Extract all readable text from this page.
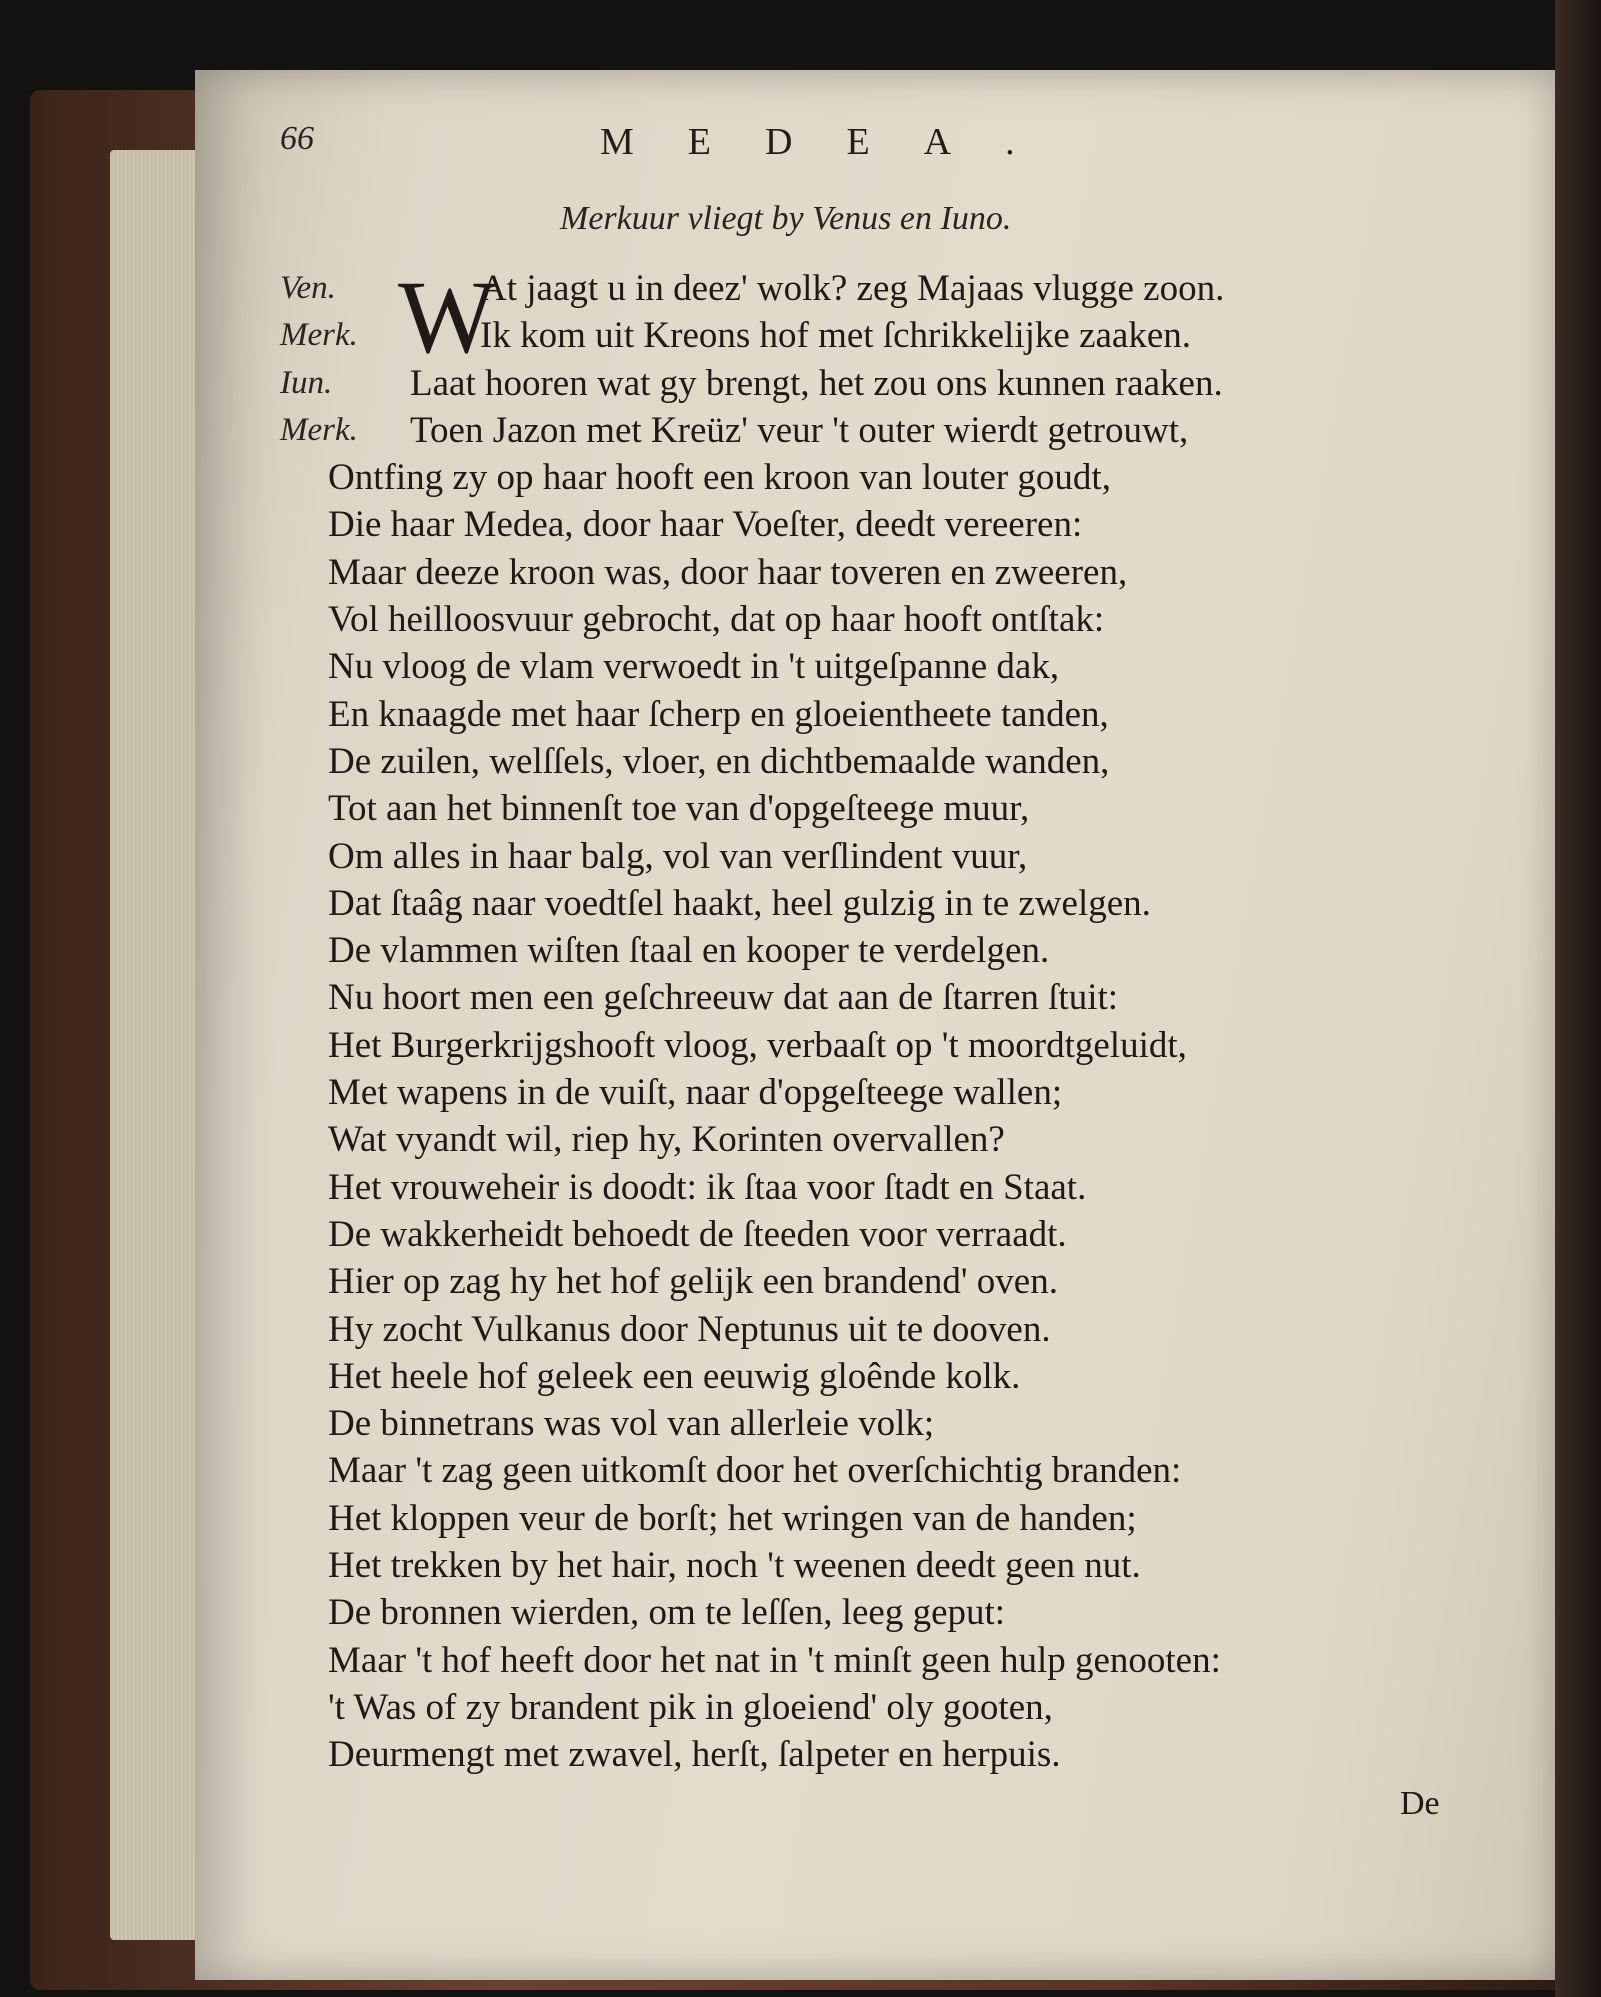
66	MEDEA.
Merkuur vliegt by Venus en Iuno.
Ven. W
At jaagt u in deez' wolk? zeg Majaas vlugge zoon.
Merk.	Ik kom uit Kreons hof met ſchrikkelijke zaaken.
Iun. Laat hooren wat gy brengt, het zou ons kunnen raaken.
Merk. Toen Jazon met Kreüz' veur 't outer wierdt getrouwt,
Ontfing zy op haar hooft een kroon van louter goudt,
Die haar Medea, door haar Voeſter, deedt vereeren:
Maar deeze kroon was, door haar toveren en zweeren,
Vol heilloosvuur gebrocht, dat op haar hooft ontſtak:
Nu vloog de vlam verwoedt in 't uitgeſpanne dak,
En knaagde met haar ſcherp en gloeientheete tanden,
De zuilen, welſſels, vloer, en dichtbemaalde wanden,
Tot aan het binnenſt toe van d'opgeſteege muur,
Om alles in haar balg, vol van verſlindent vuur,
Dat ſtaâg naar voedtſel haakt, heel gulzig in te zwelgen.
De vlammen wiſten ſtaal en kooper te verdelgen.
Nu hoort men een geſchreeuw dat aan de ſtarren ſtuit:
Het Burgerkrijgshooft vloog, verbaaſt op 't moordtgeluidt,
Met wapens in de vuiſt, naar d'opgeſteege wallen;
Wat vyandt wil, riep hy, Korinten overvallen?
Het vrouweheir is doodt: ik ſtaa voor ſtadt en Staat.
De wakkerheidt behoedt de ſteeden voor verraadt.
Hier op zag hy het hof gelijk een brandend' oven.
Hy zocht Vulkanus door Neptunus uit te dooven.
Het heele hof geleek een eeuwig gloênde kolk.
De binnetrans was vol van allerleie volk;
Maar 't zag geen uitkomſt door het overſchichtig branden:
Het kloppen veur de borſt; het wringen van de handen;
Het trekken by het hair, noch 't weenen deedt geen nut.
De bronnen wierden, om te leſſen, leeg geput:
Maar 't hof heeft door het nat in 't minſt geen hulp genooten:
't Was of zy brandent pik in gloeiend' oly gooten,
Deurmengt met zwavel, herſt, ſalpeter en herpuis.
De
